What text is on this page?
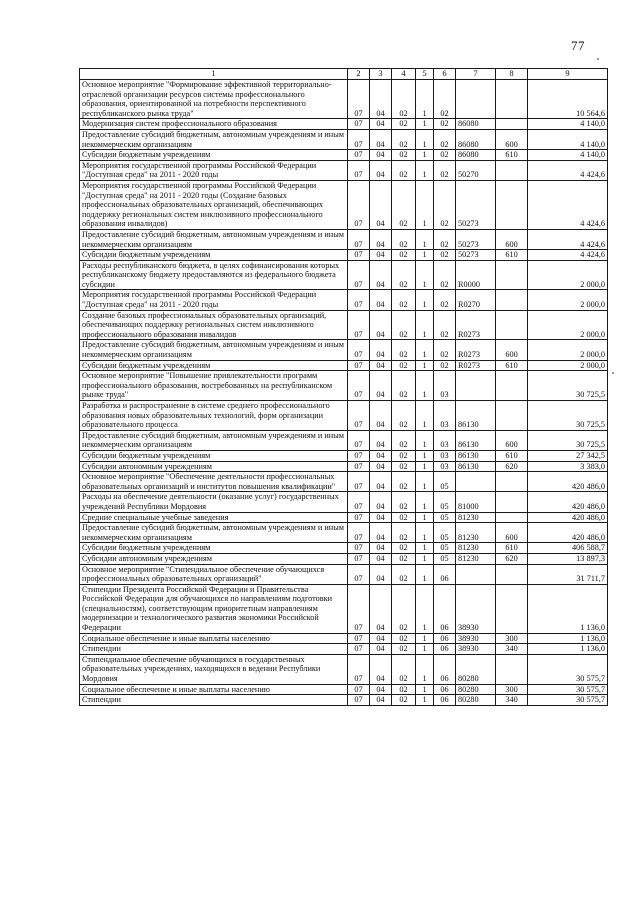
77
1	2	3	4	5	6	7	8	9
Основное мероприятие "Формирование эффективной территориально-отраслевой организации ресурсов системы профессионального образования, ориентированной на потребности перспективного республиканского рынка труда"	07	04	02	1	02			10 564,6
Модернизация систем профессионального образования	07	04	02	1	02	86080		4 140,0
Предоставление субсидий бюджетным, автономным учреждениям и иным некоммерческим организациям	07	04	02	1	02	86080	600	4 140,0
Субсидии бюджетным учреждениям	07	04	02	1	02	86080	610	4 140,0
Мероприятия государственной программы Российской Федерации "Доступная среда" на 2011 - 2020 годы	07	04	02	1	02	50270		4 424,6
Мероприятия государственной программы Российской Федерации "Доступная среда" на 2011 - 2020 годы (Создание базовых профессиональных образовательных организаций, обеспечивающих поддержку региональных систем инклюзивного профессионального образования инвалидов)	07	04	02	1	02	50273		4 424,6
Предоставление субсидий бюджетным, автономным учреждениям и иным некоммерческим организациям	07	04	02	1	02	50273	600	4 424,6
Субсидии бюджетным учреждениям	07	04	02	1	02	50273	610	4 424,6
Расходы республиканского бюджета, в целях софинансирования которых республиканскому бюджету предоставляются из федерального бюджета субсидии	07	04	02	1	02	R0000		2 000,0
Мероприятия государственной программы Российской Федерации "Доступная среда" на 2011 - 2020 годы	07	04	02	1	02	R0270		2 000,0
Создание базовых профессиональных образовательных организаций, обеспечивающих поддержку региональных систем инклюзивного профессионального образования инвалидов	07	04	02	1	02	R0273		2 000,0
Предоставление субсидий бюджетным, автономным учреждениям и иным некоммерческим организациям	07	04	02	1	02	R0273	600	2 000,0
Субсидии бюджетным учреждениям	07	04	02	1	02	R0273	610	2 000,0
Основное мероприятие "Повышение привлекательности программ профессионального образования, востребованных на республиканском рынке труда"	07	04	02	1	03			30 725,5
Разработка и распространение в системе среднего профессионального образования новых образовательных технологий, форм организации образовательного процесса	07	04	02	1	03	86130		30 725,5
Предоставление субсидий бюджетным, автономным учреждениям и иным некоммерческим организациям	07	04	02	1	03	86130	600	30 725,5
Субсидии бюджетным учреждениям	07	04	02	1	03	86130	610	27 342,5
Субсидии автономным учреждениям	07	04	02	1	03	86130	620	3 383,0
Основное мероприятие "Обеспечение деятельности профессиональных образовательных организаций и институтов повышения квалификации"	07	04	02	1	05			420 486,0
Расходы на обеспечение деятельности (оказание услуг) государственных учреждений Республики Мордовия	07	04	02	1	05	81000		420 486,0
Средние специальные учебные заведения	07	04	02	1	05	81230		420 486,0
Предоставление субсидий бюджетным, автономным учреждениям и иным некоммерческим организациям	07	04	02	1	05	81230	600	420 486,0
Субсидии бюджетным учреждениям	07	04	02	1	05	81230	610	406 588,7
Субсидии автономным учреждениям	07	04	02	1	05	81230	620	13 897,3
Основное мероприятие "Стипендиальное обеспечение обучающихся профессиональных образовательных организаций"	07	04	02	1	06			31 711,7
Стипендии Президента Российской Федерации и Правительства Российской Федерации для обучающихся по направлениям подготовки (специальностям), соответствующим приоритетным направлениям модернизации и технологического развития экономики Российской Федерации	07	04	02	1	06	38930		1 136,0
Социальное обеспечение и иные выплаты населению	07	04	02	1	06	38930	300	1 136,0
Стипендии	07	04	02	1	06	38930	340	1 136,0
Стипендиальное обеспечение обучающихся в государственных образовательных учреждениях, находящихся в ведении Республики Мордовия	07	04	02	1	06	80280		30 575,7
Социальное обеспечение и иные выплаты населению	07	04	02	1	06	80280	300	30 575,7
Стипендии	07	04	02	1	06	80280	340	30 575,7
